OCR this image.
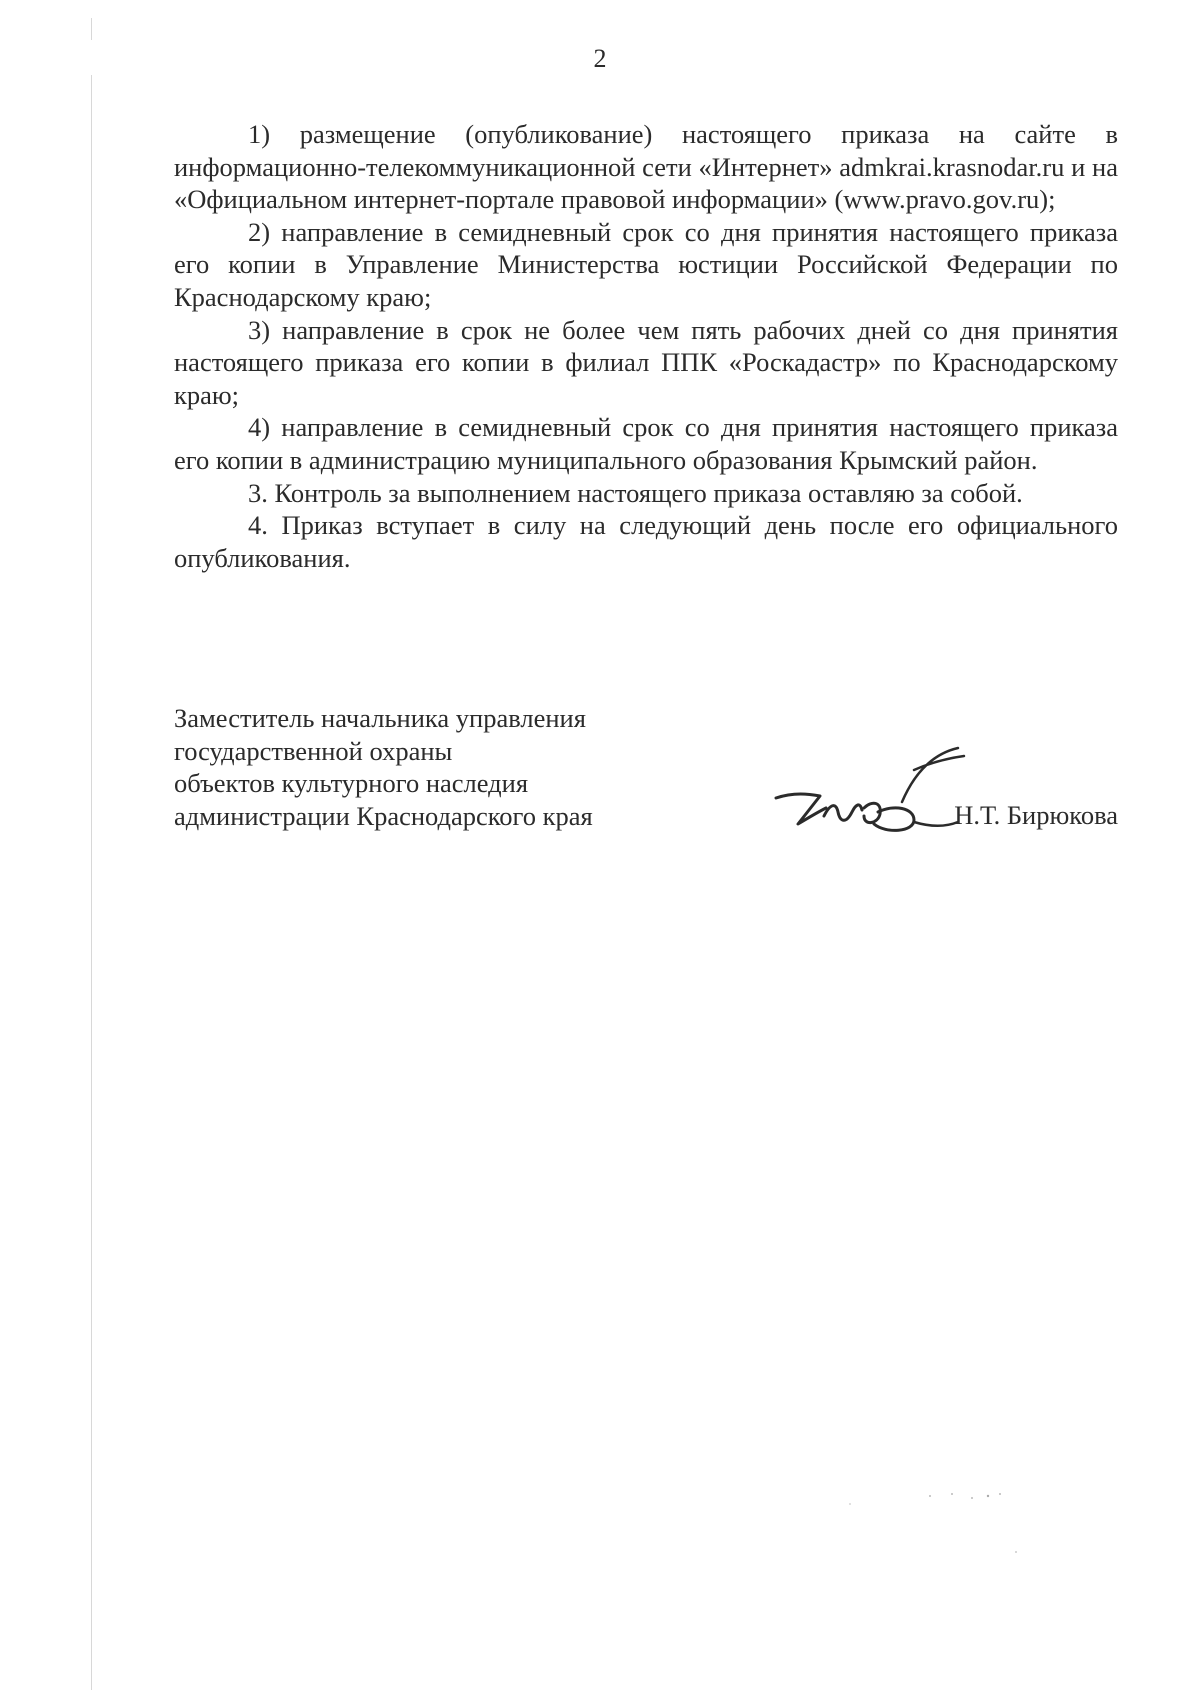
2

1) размещение (опубликование) настоящего приказа на сайте в информационно-телекоммуникационной сети «Интернет» admkrai.krasnodar.ru и на «Официальном интернет-портале правовой информации» (www.pravo.gov.ru);

2) направление в семидневный срок со дня принятия настоящего приказа его копии в Управление Министерства юстиции Российской Федерации по Краснодарскому краю;

3) направление в срок не более чем пять рабочих дней со дня принятия настоящего приказа его копии в филиал ППК «Роскадастр» по Краснодарскому краю;

4) направление в семидневный срок со дня принятия настоящего приказа его копии в администрацию муниципального образования Крымский район.

3. Контроль за выполнением настоящего приказа оставляю за собой.

4. Приказ вступает в силу на следующий день после его официального опубликования.

Заместитель начальника управления
государственной охраны
объектов культурного наследия
администрации Краснодарского края	Н.Т. Бирюкова
